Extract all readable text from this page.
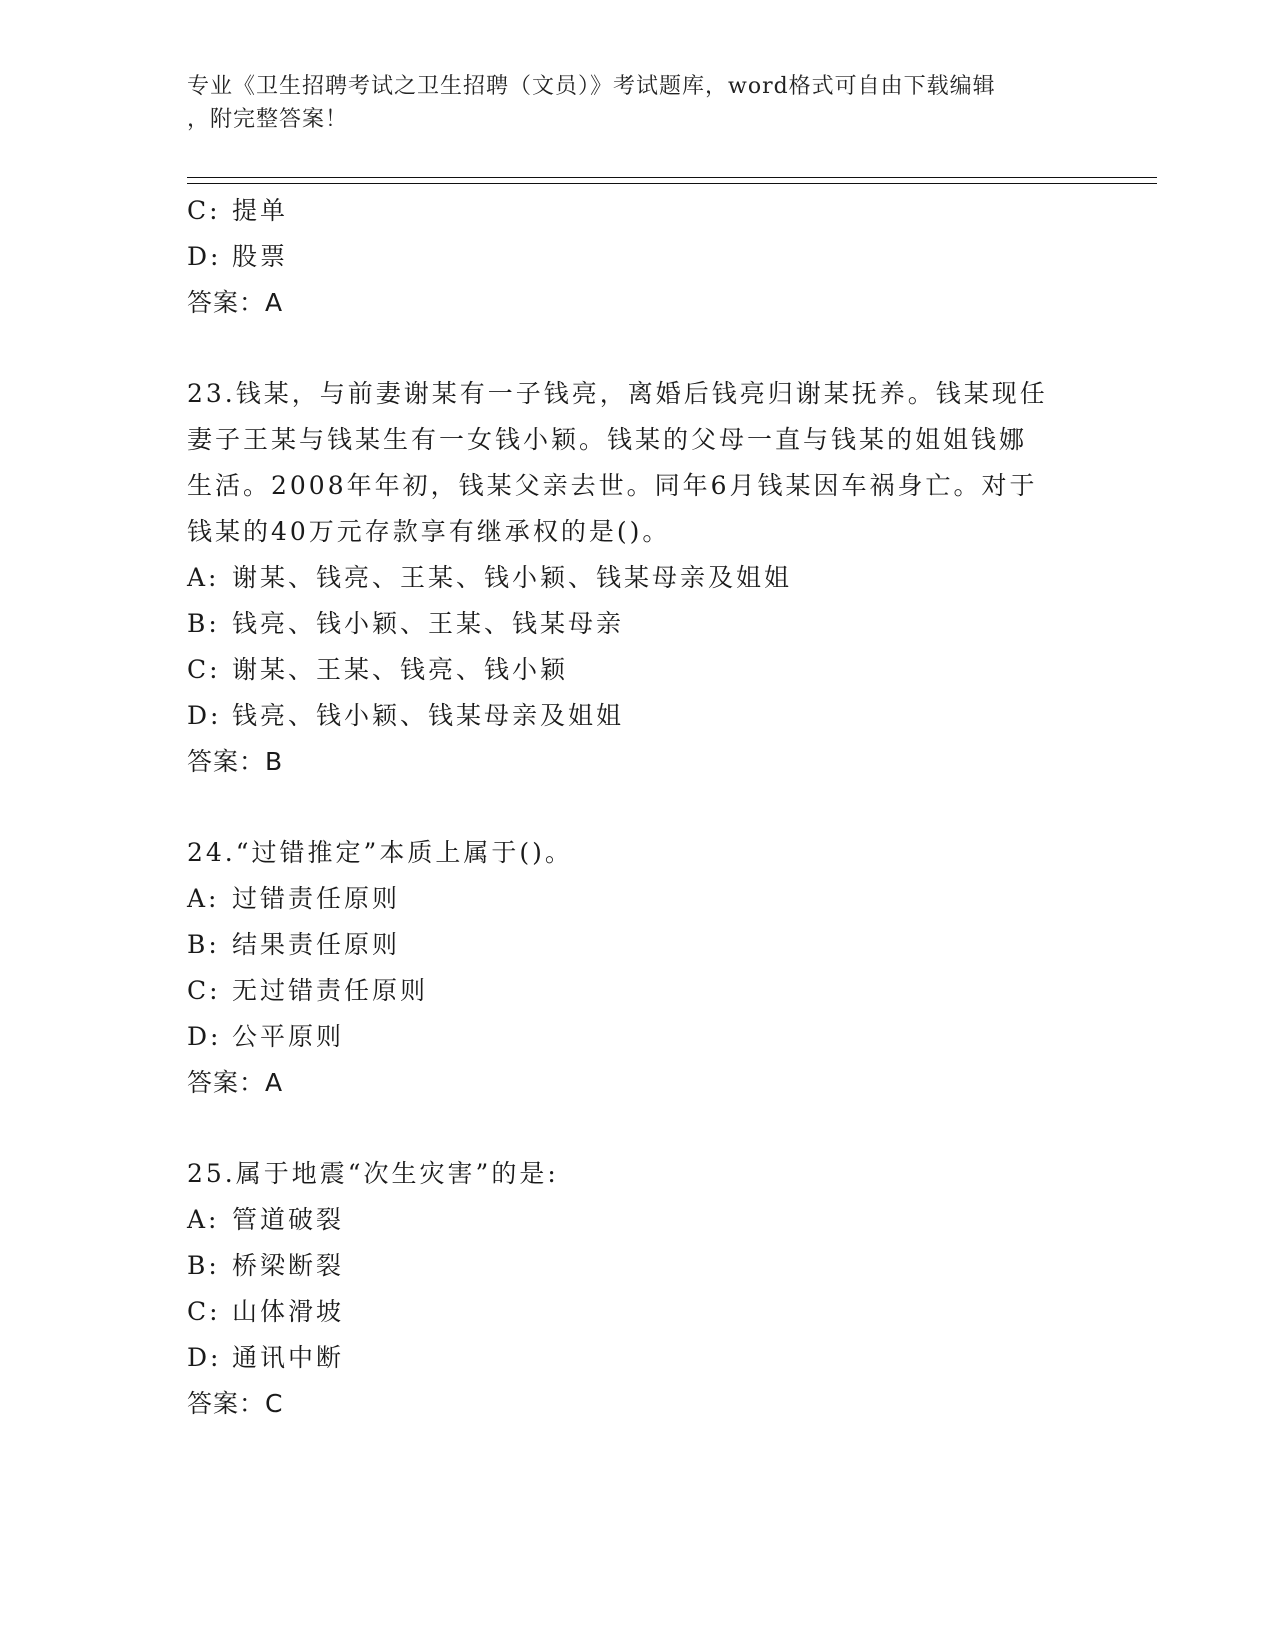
专业《卫生招聘考试之卫生招聘（文员）》考试题库，word格式可自由下载编辑
，附完整答案！
C: 提单
D: 股票
答案：A
23.钱某，与前妻谢某有一子钱亮，离婚后钱亮归谢某抚养。钱某现任
妻子王某与钱某生有一女钱小颖。钱某的父母一直与钱某的姐姐钱娜
生活。2008年年初，钱某父亲去世。同年6月钱某因车祸身亡。对于
钱某的40万元存款享有继承权的是()。
A: 谢某、钱亮、王某、钱小颖、钱某母亲及姐姐
B: 钱亮、钱小颖、王某、钱某母亲
C: 谢某、王某、钱亮、钱小颖
D: 钱亮、钱小颖、钱某母亲及姐姐
答案：B
24.“过错推定”本质上属于()。
A: 过错责任原则
B: 结果责任原则
C: 无过错责任原则
D: 公平原则
答案：A
25.属于地震“次生灾害”的是:
A: 管道破裂
B: 桥梁断裂
C: 山体滑坡
D: 通讯中断
答案：C
